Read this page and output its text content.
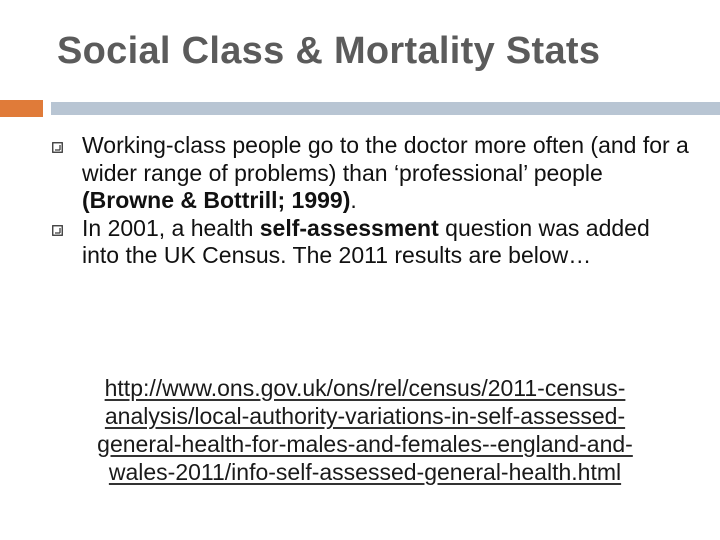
Social Class & Mortality Stats
Working-class people go to the doctor more often (and for a wider range of problems) than ‘professional’ people (Browne & Bottrill; 1999).
In 2001, a health self-assessment question was added into the UK Census. The 2011 results are below…
http://www.ons.gov.uk/ons/rel/census/2011-census-
analysis/local-authority-variations-in-self-assessed-
general-health-for-males-and-females--england-and-
wales-2011/info-self-assessed-general-health.html
